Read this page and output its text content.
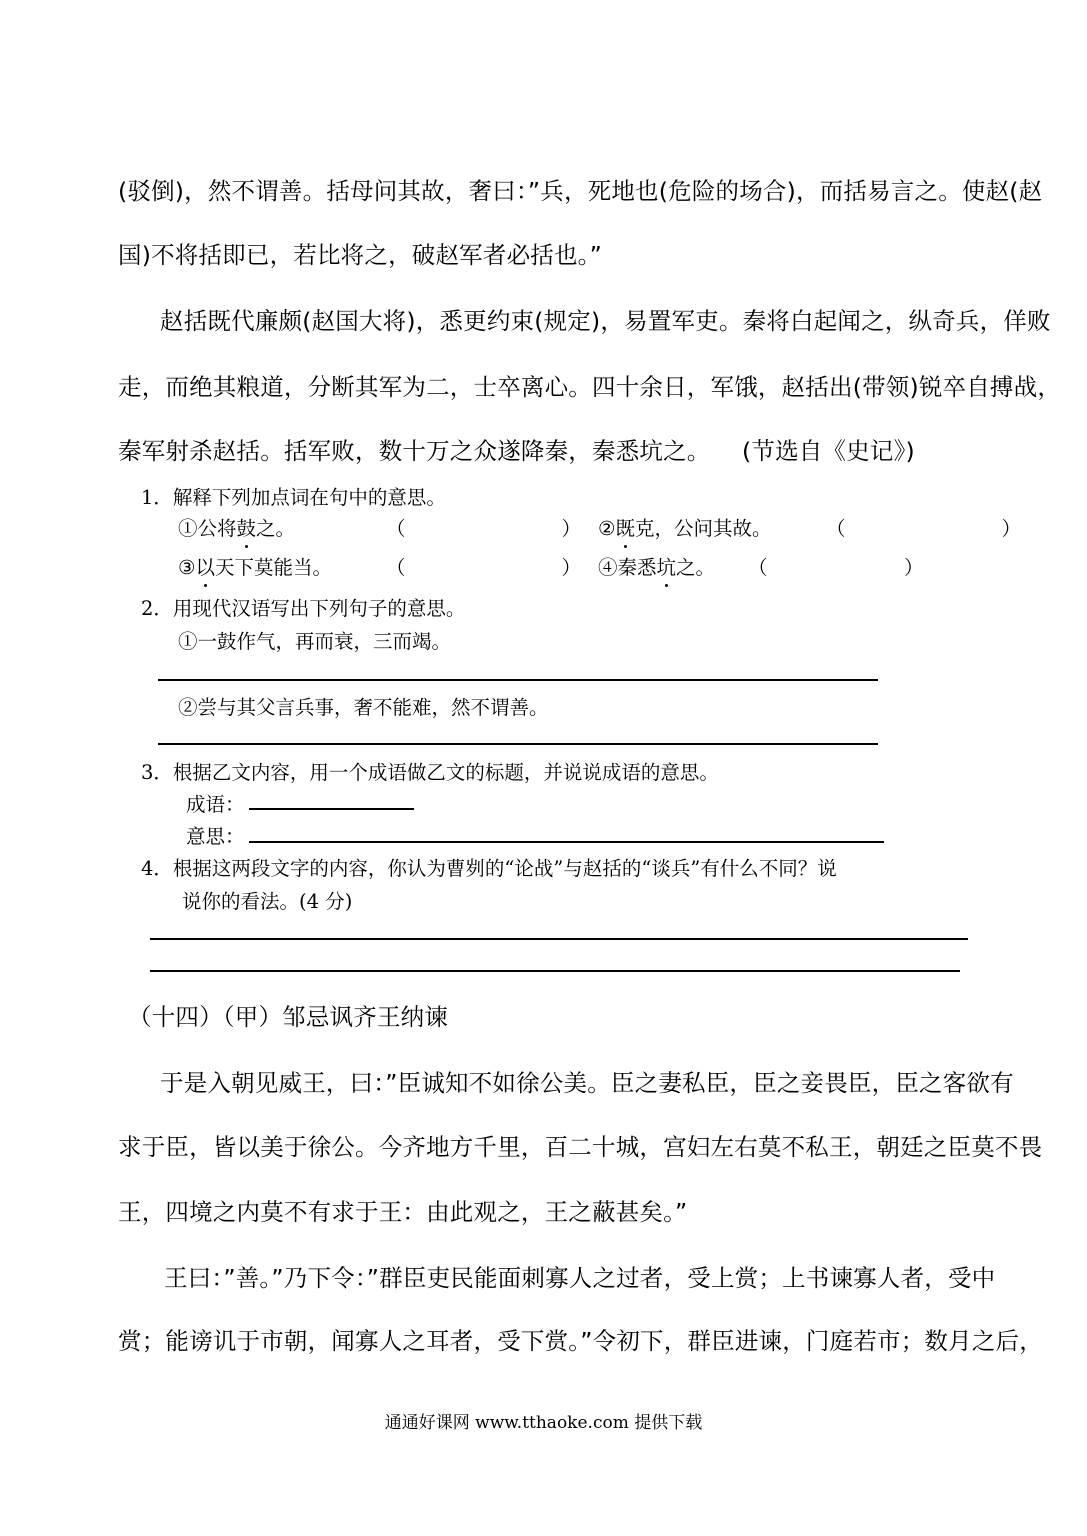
(驳倒)，然不谓善。括母问其故，奢曰：”兵，死地也(危险的场合)，而括易言之。使赵(赵
国)不将括即已，若比将之，破赵军者必括也。”
赵括既代廉颇(赵国大将)，悉更约束(规定)，易置军吏。秦将白起闻之，纵奇兵，佯败
走，而绝其粮道，分断其军为二，士卒离心。四十余日，军饿，赵括出(带领)锐卒自搏战，
秦军射杀赵括。括军败，数十万之众遂降秦，秦悉坑之。 (节选自《史记》)
1．解释下列加点词在句中的意思。
①公将鼓之。	（　　　　　　　　） ②既克，公问其故。	（　　　　　　　　）
③以天下莫能当。	（　　　　　　　　） ④秦悉坑之。 （　　　　　　　）
2．用现代汉语写出下列句子的意思。
①一鼓作气，再而衰，三而竭。
②尝与其父言兵事，奢不能难，然不谓善。
3．根据乙文内容，用一个成语做乙文的标题，并说说成语的意思。
成语：
意思：
4．根据这两段文字的内容，你认为曹刿的“论战”与赵括的“谈兵”有什么不同？说
说你的看法。(4 分)
（十四）（甲）邹忌讽齐王纳谏
于是入朝见威王，曰：”臣诚知不如徐公美。臣之妻私臣，臣之妾畏臣，臣之客欲有
求于臣，皆以美于徐公。今齐地方千里，百二十城，宫妇左右莫不私王，朝廷之臣莫不畏
王，四境之内莫不有求于王：由此观之，王之蔽甚矣。”
王曰：”善。”乃下令：”群臣吏民能面刺寡人之过者，受上赏；上书谏寡人者，受中
赏；能谤讥于市朝，闻寡人之耳者，受下赏。”令初下，群臣进谏，门庭若市；数月之后，
通通好课网 www.tthaoke.com 提供下载
